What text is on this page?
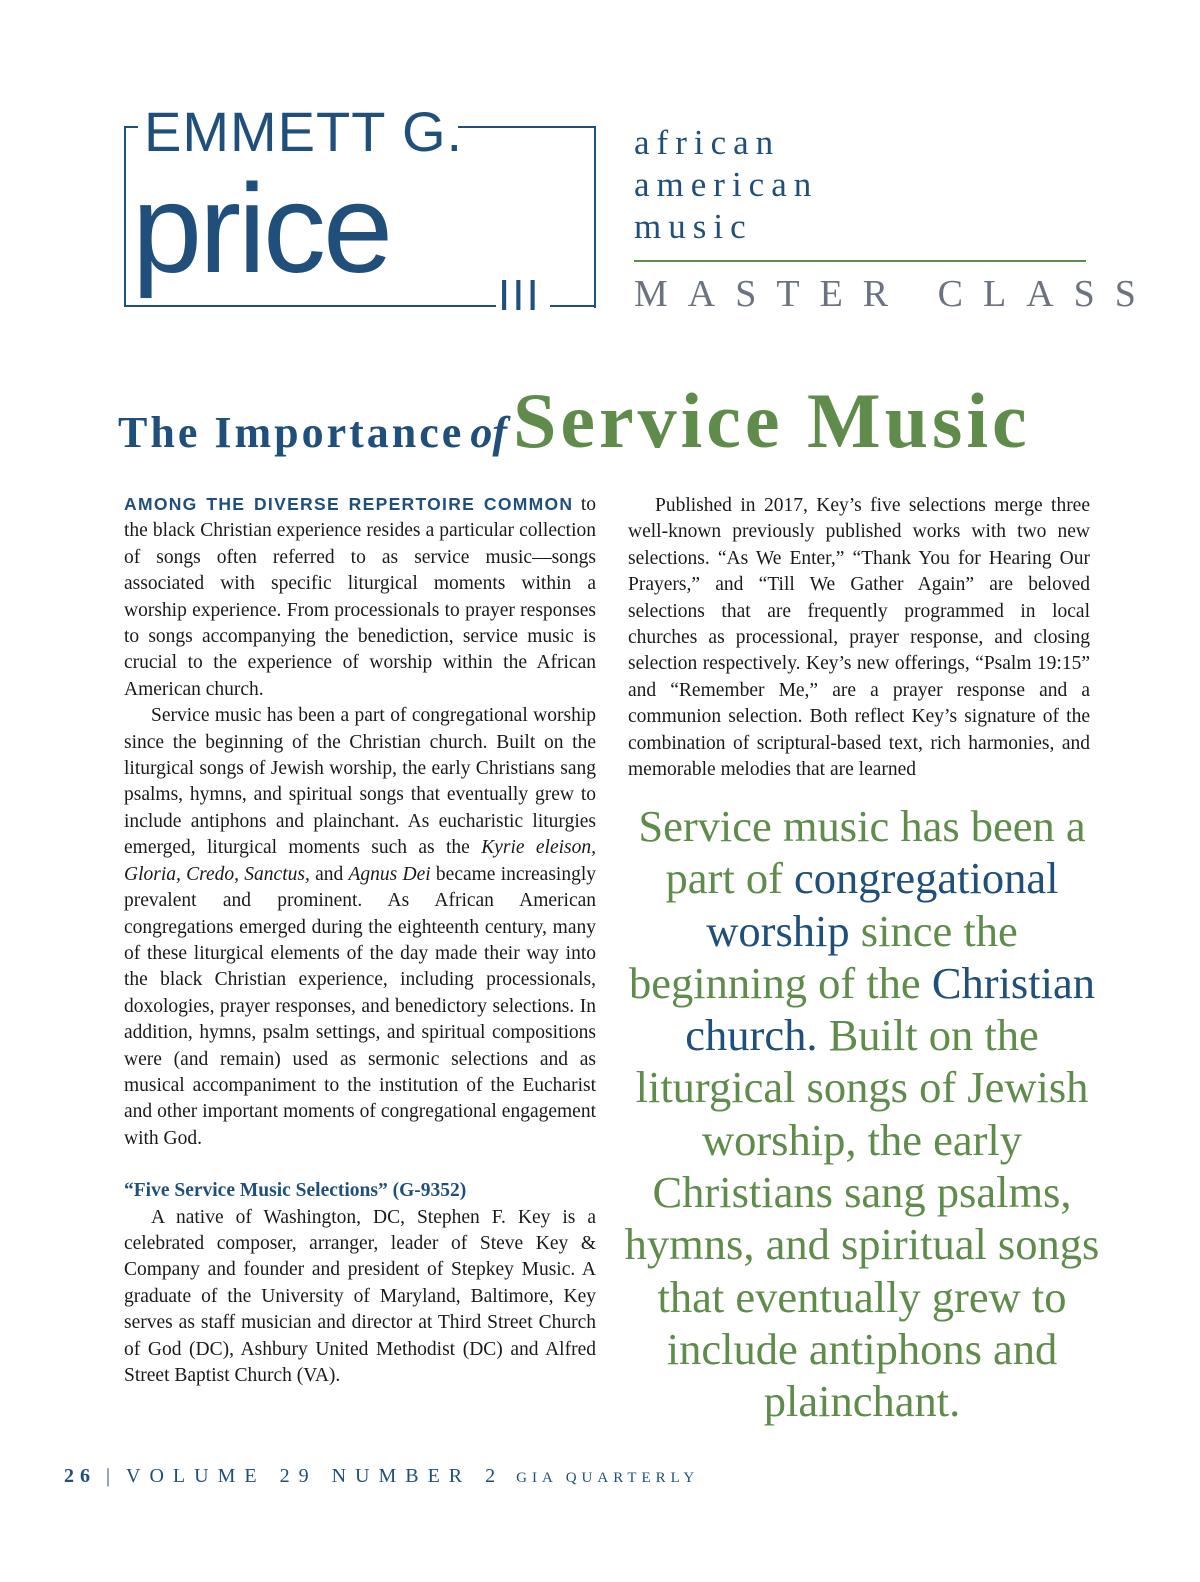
EMMETT G.
price III
african
american
music
MASTER CLASS
The Importance ofService Music

AMONG THE DIVERSE REPERTOIRE COMMON to the black Christian experience resides a particular collection of songs often referred to as service music—songs associated with specific liturgical moments within a worship experience. From processionals to prayer responses to songs accompanying the benediction, service music is crucial to the experience of worship within the African American church.

Service music has been a part of congregational worship since the beginning of the Christian church. Built on the liturgical songs of Jewish worship, the early Christians sang psalms, hymns, and spiritual songs that eventually grew to include antiphons and plainchant. As eucharistic liturgies emerged, liturgical moments such as the Kyrie eleison, Gloria, Credo, Sanctus, and Agnus Dei became increasingly prevalent and prominent. As African American congregations emerged during the eighteenth century, many of these liturgical elements of the day made their way into the black Christian experience, including processionals, doxologies, prayer responses, and benedictory selections. In addition, hymns, psalm settings, and spiritual compositions were (and remain) used as sermonic selections and as musical accompaniment to the institution of the Eucharist and other important moments of congregational engagement with God.

“Five Service Music Selections” (G-9352)

A native of Washington, DC, Stephen F. Key is a celebrated composer, arranger, leader of Steve Key & Company and founder and president of Stepkey Music. A graduate of the University of Maryland, Baltimore, Key serves as staff musician and director at Third Street Church of God (DC), Ashbury United Methodist (DC) and Alfred Street Baptist Church (VA).

Published in 2017, Key’s five selections merge three well-known previously published works with two new selections. “As We Enter,” “Thank You for Hearing Our Prayers,” and “Till We Gather Again” are beloved selections that are frequently programmed in local churches as processional, prayer response, and closing selection respectively. Key’s new offerings, “Psalm 19:15” and “Remember Me,” are a prayer response and a communion selection. Both reflect Key’s signature of the combination of scriptural-based text, rich harmonies, and memorable melodies that are learned

Service music has been a part of congregational worship since the beginning of the Christian church. Built on the liturgical songs of Jewish worship, the early Christians sang psalms, hymns, and spiritual songs that eventually grew to include antiphons and plainchant.
26 | VOLUME 29 NUMBER 2 GIA QUARTERLY
